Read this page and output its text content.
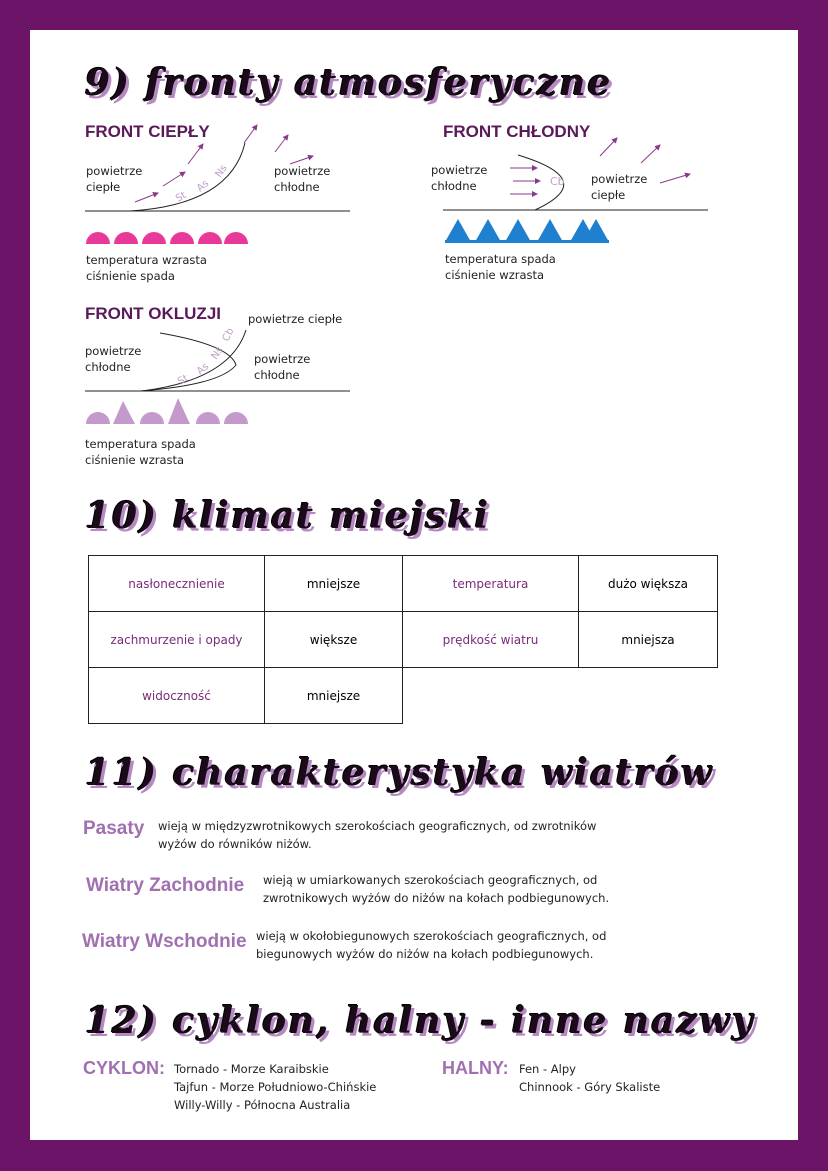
9) fronty atmosferyczne
St
As
Ns
Cb
St
As
Ns
Cb
FRONT CIEPŁY
powietrze
ciepłe
powietrze
chłodne
temperatura wzrasta
ciśnienie spada
FRONT CHŁODNY
powietrze
chłodne	powietrze
ciepłe
temperatura spada
ciśnienie wzrasta
FRONT OKLUZJI powietrze ciepłe
powietrze
chłodne
powietrze
chłodne
temperatura spada
ciśnienie wzrasta
10) klimat miejski
nasłonecznienie	mniejsze	temperatura	dużo większa
zachmurzenie i opady	większe	prędkość wiatru	mniejsza
widoczność	mniejsze		
11) charakterystyka wiatrów
Pasaty wieją w międzyzwrotnikowych szerokościach geograficznych, od zwrotników
wyżów do równików niżów.
Wiatry Zachodnie wieją w umiarkowanych szerokościach geograficznych, od
zwrotnikowych wyżów do niżów na kołach podbiegunowych.
Wiatry Wschodnie wieją w okołobiegunowych szerokościach geograficznych, od
biegunowych wyżów do niżów na kołach podbiegunowych.
12) cyklon, halny - inne nazwy
CYKLON: Tornado - Morze Karaibskie
Tajfun - Morze Południowo-Chińskie
Willy-Willy - Północna Australia
HALNY: Fen - Alpy
Chinnook - Góry Skaliste
